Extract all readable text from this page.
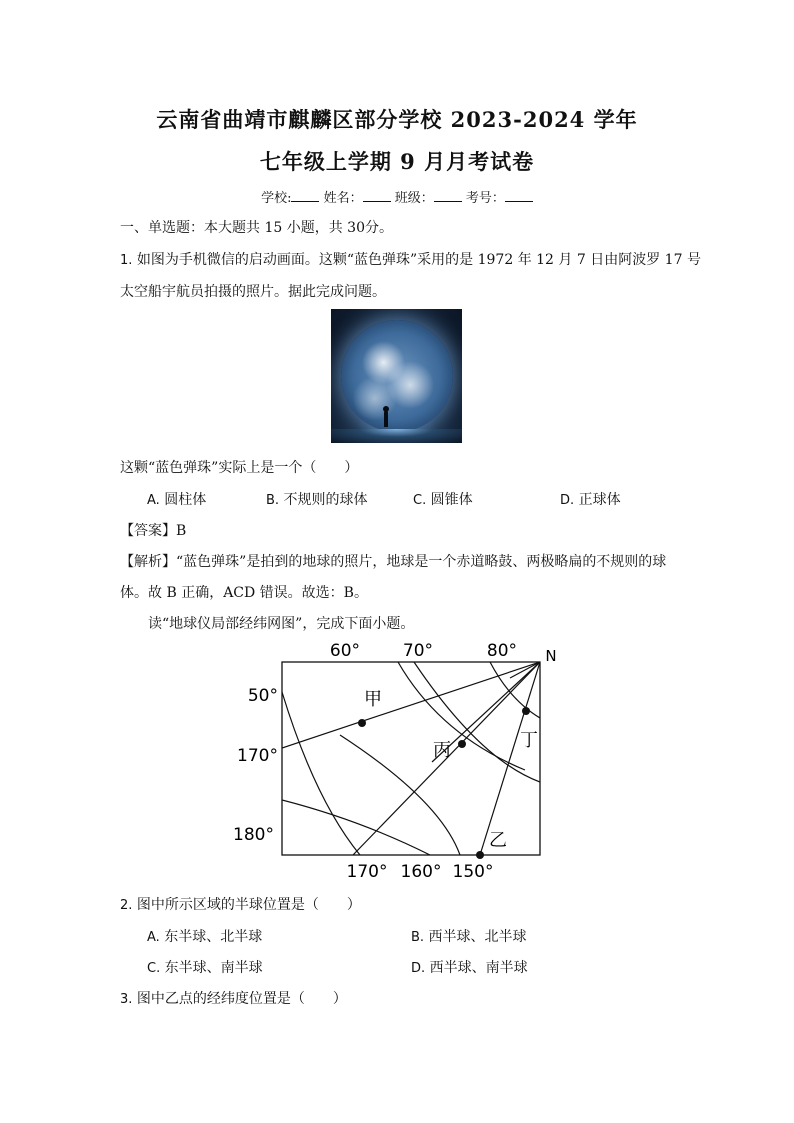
云南省曲靖市麒麟区部分学校 2023-2024 学年
七年级上学期 9 月月考试卷
学校: 姓名： 班级： 考号：
一、单选题：本大题共 15 小题，共 30分。
1. 如图为手机微信的启动画面。这颗“蓝色弹珠”采用的是 1972 年 12 月 7 日由阿波罗 17 号
太空船宇航员拍摄的照片。据此完成问题。
这颗“蓝色弹珠”实际上是一个（　　）
A. 圆柱体	B. 不规则的球体	C. 圆锥体	D. 正球体
【答案】B
【解析】“蓝色弹珠”是拍到的地球的照片，地球是一个赤道略鼓、两极略扁的不规则的球
体。故 B 正确，ACD 错误。故选：B。
读“地球仪局部经纬网图”，完成下面小题。
60°	70°	80° N
50°
170°
180°
170° 160° 150°
甲
乙
丙	丁
2. 图中所示区域的半球位置是（　　）
A. 东半球、北半球	B. 西半球、北半球
C. 东半球、南半球	D. 西半球、南半球
3. 图中乙点的经纬度位置是（　　）
